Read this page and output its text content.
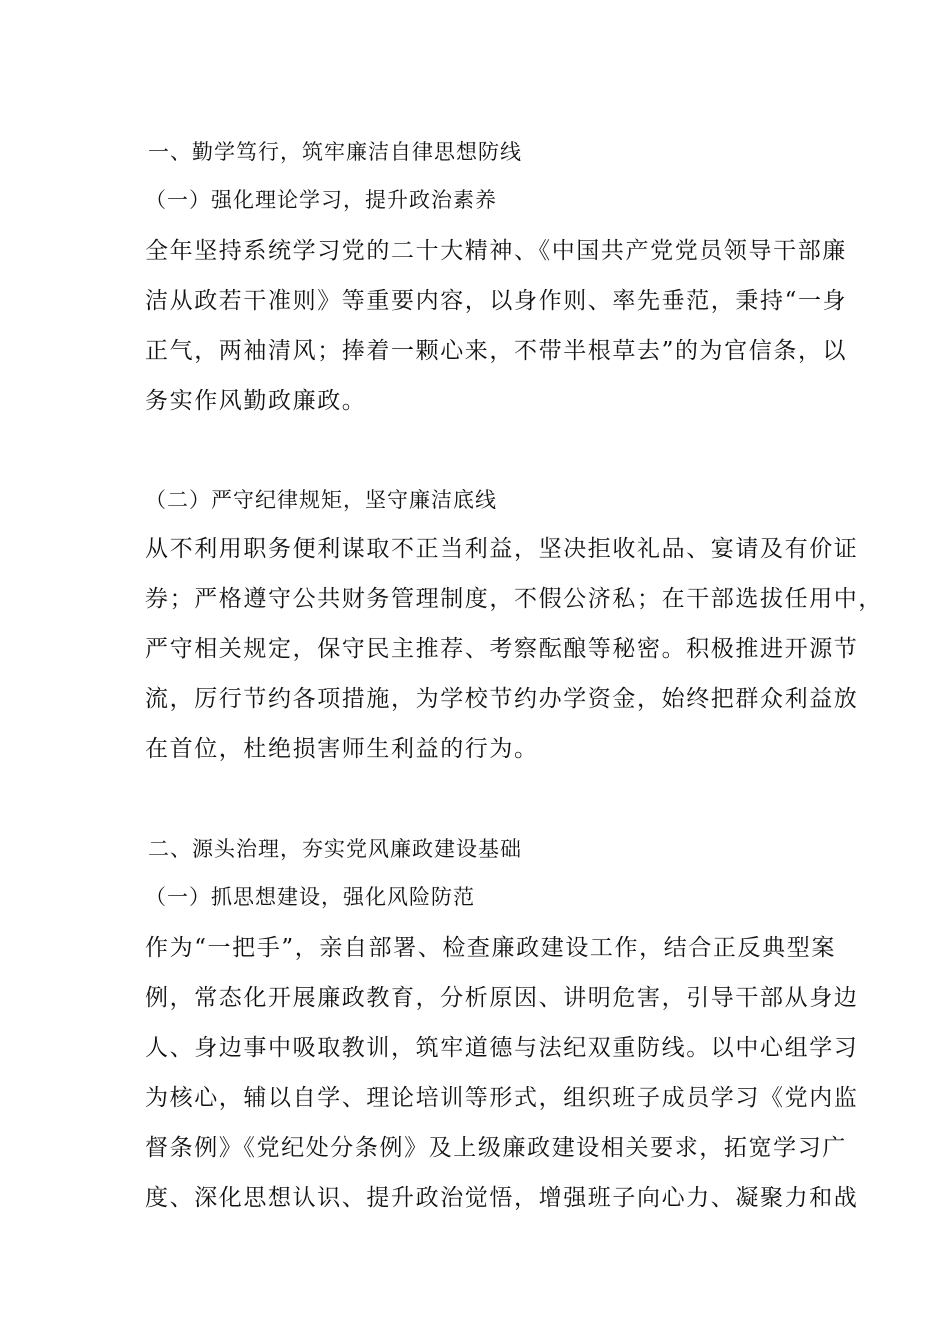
一、勤学笃行，筑牢廉洁自律思想防线
（一）强化理论学习，提升政治素养
全年坚持系统学习党的二十大精神、《中国共产党党员领导干部廉
洁从政若干准则》等重要内容，以身作则、率先垂范，秉持“一身
正气，两袖清风；捧着一颗心来，不带半根草去”的为官信条，以
务实作风勤政廉政。
（二）严守纪律规矩，坚守廉洁底线
从不利用职务便利谋取不正当利益，坚决拒收礼品、宴请及有价证
券；严格遵守公共财务管理制度，不假公济私；在干部选拔任用中，
严守相关规定，保守民主推荐、考察酝酿等秘密。积极推进开源节
流，厉行节约各项措施，为学校节约办学资金，始终把群众利益放
在首位，杜绝损害师生利益的行为。
二、源头治理，夯实党风廉政建设基础
（一）抓思想建设，强化风险防范
作为“一把手”，亲自部署、检查廉政建设工作，结合正反典型案
例，常态化开展廉政教育，分析原因、讲明危害，引导干部从身边
人、身边事中吸取教训，筑牢道德与法纪双重防线。以中心组学习
为核心，辅以自学、理论培训等形式，组织班子成员学习《党内监
督条例》《党纪处分条例》及上级廉政建设相关要求，拓宽学习广
度、深化思想认识、提升政治觉悟，增强班子向心力、凝聚力和战
